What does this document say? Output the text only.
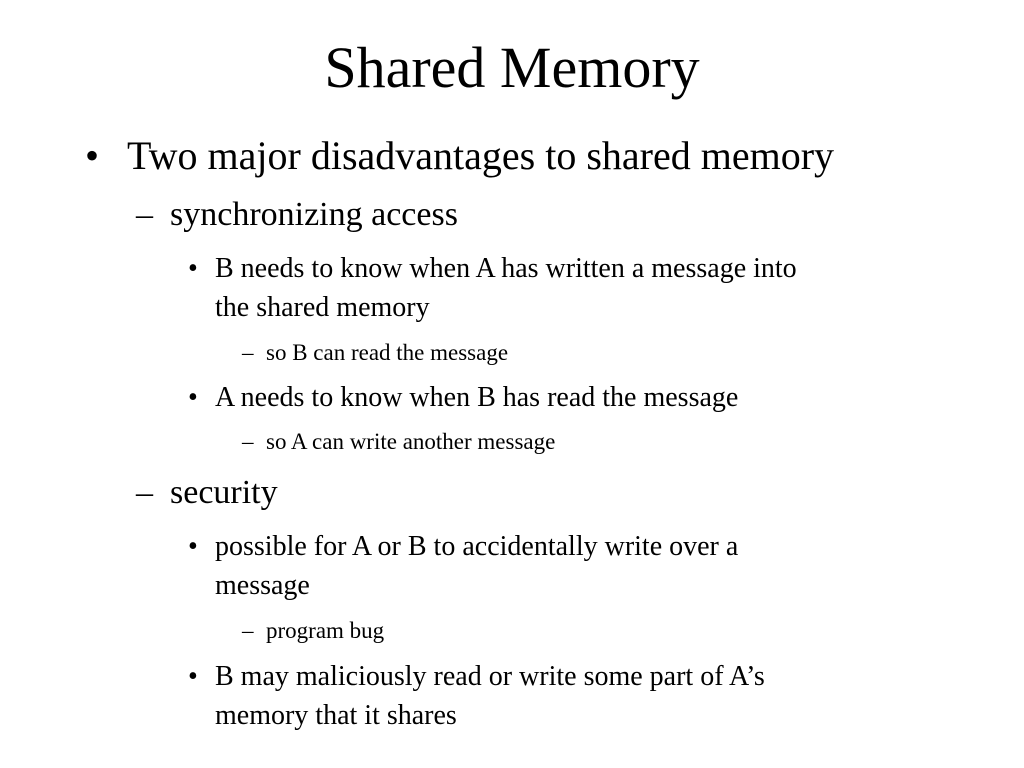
Shared Memory
• Two major disadvantages to shared memory
– synchronizing access
• B needs to know when A has written a message into
the shared memory
– so B can read the message
• A needs to know when B has read the message
– so A can write another message
– security
• possible for A or B to accidentally write over a
message
– program bug
• B may maliciously read or write some part of A’s
memory that it shares
